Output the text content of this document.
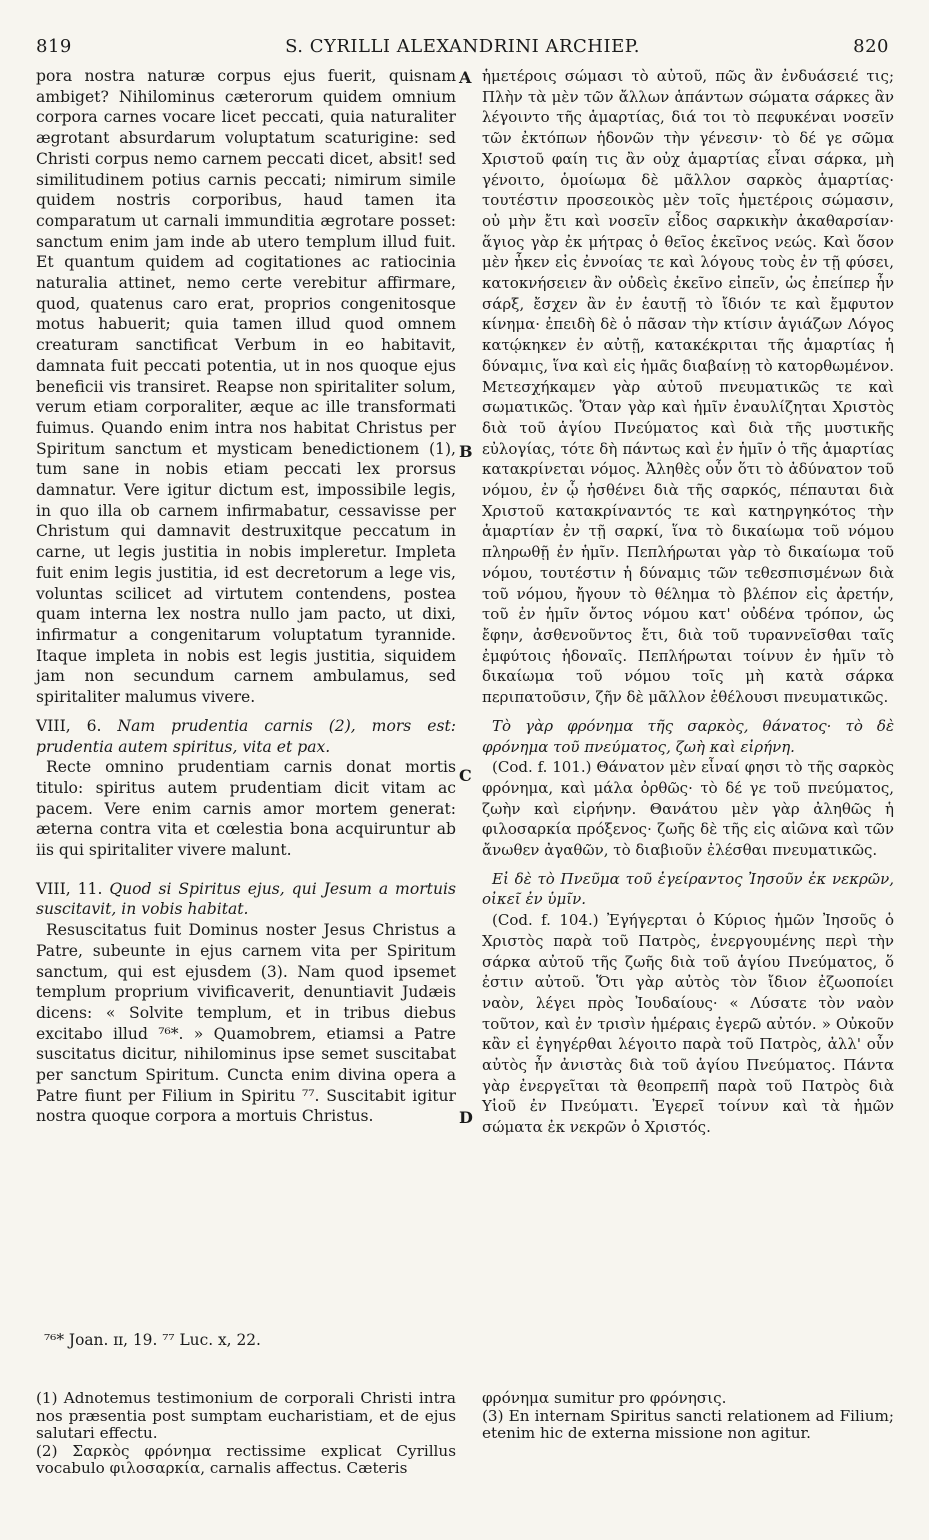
819	S. CYRILLI ALEXANDRINI ARCHIEP.	820

pora nostra naturæ corpus ejus fuerit, quisnam ambiget? Nihilominus cæterorum quidem omnium corpora carnes vocare licet peccati, quia naturaliter ægrotant absurdarum voluptatum scaturigine: sed Christi corpus nemo carnem peccati dicet, absit! sed similitudinem potius carnis peccati; nimirum simile quidem nostris corporibus, haud tamen ita comparatum ut carnali immunditia ægrotare posset: sanctum enim jam inde ab utero templum illud fuit. Et quantum quidem ad cogitationes ac ratiocinia naturalia attinet, nemo certe verebitur affirmare, quod, quatenus caro erat, proprios congenitosque motus habuerit; quia tamen illud quod omnem creaturam sanctificat Verbum in eo habitavit, damnata fuit peccati potentia, ut in nos quoque ejus beneficii vis transiret. Reapse non spiritaliter solum, verum etiam corporaliter, æque ac ille transformati fuimus. Quando enim intra nos habitat Christus per Spiritum sanctum et mysticam benedictionem (1), tum sane in nobis etiam peccati lex prorsus damnatur. Vere igitur dictum est, impossibile legis, in quo illa ob carnem infirmabatur, cessavisse per Christum qui damnavit destruxitque peccatum in carne, ut legis justitia in nobis impleretur. Impleta fuit enim legis justitia, id est decretorum a lege vis, voluntas scilicet ad virtutem contendens, postea quam interna lex nostra nullo jam pacto, ut dixi, infirmatur a congenitarum voluptatum tyrannide. Itaque impleta in nobis est legis justitia, siquidem jam non secundum carnem ambulamus, sed spiritaliter malumus vivere.

VIII, 6. Nam prudentia carnis (2), mors est: prudentia autem spiritus, vita et pax.

Recte omnino prudentiam carnis donat mortis titulo: spiritus autem prudentiam dicit vitam ac pacem. Vere enim carnis amor mortem generat: æterna contra vita et cœlestia bona acquiruntur ab iis qui spiritaliter vivere malunt.

VIII, 11. Quod si Spiritus ejus, qui Jesum a mortuis suscitavit, in vobis habitat.

Resuscitatus fuit Dominus noster Jesus Christus a Patre, subeunte in ejus carnem vita per Spiritum sanctum, qui est ejusdem (3). Nam quod ipsemet templum proprium vivificaverit, denuntiavit Judæis dicens: « Solvite templum, et in tribus diebus excitabo illud ⁷⁶*. » Quamobrem, etiamsi a Patre suscitatus dicitur, nihilominus ipse semet suscitabat per sanctum Spiritum. Cuncta enim divina opera a Patre fiunt per Filium in Spiritu ⁷⁷. Suscitabit igitur nostra quoque corpora a mortuis Christus.

A
B
C
D

ἡμετέροις σώμασι τὸ αὐτοῦ, πῶς ἂν ἐνδυάσειέ τις; Πλὴν τὰ μὲν τῶν ἄλλων ἁπάντων σώματα σάρκες ἂν λέγοιντο τῆς ἁμαρτίας, διά τοι τὸ πεφυκέναι νοσεῖν τῶν ἐκτόπων ἡδονῶν τὴν γένεσιν· τὸ δέ γε σῶμα Χριστοῦ φαίη τις ἂν οὐχ ἁμαρτίας εἶναι σάρκα, μὴ γένοιτο, ὁμοίωμα δὲ μᾶλλον σαρκὸς ἁμαρτίας· τουτέστιν προσεοικὸς μὲν τοῖς ἡμετέροις σώμασιν, οὐ μὴν ἔτι καὶ νοσεῖν εἶδος σαρκικὴν ἀκαθαρσίαν· ἅγιος γὰρ ἐκ μήτρας ὁ θεῖος ἐκεῖνος νεώς. Καὶ ὅσον μὲν ἧκεν εἰς ἐννοίας τε καὶ λόγους τοὺς ἐν τῇ φύσει, κατοκνήσειεν ἂν οὐδεὶς ἐκεῖνο εἰπεῖν, ὡς ἐπείπερ ἦν σάρξ, ἔσχεν ἂν ἐν ἑαυτῇ τὸ ἴδιόν τε καὶ ἔμφυτον κίνημα· ἐπειδὴ δὲ ὁ πᾶσαν τὴν κτίσιν ἁγιάζων Λόγος κατῴκηκεν ἐν αὐτῇ, κατακέκριται τῆς ἁμαρτίας ἡ δύναμις, ἵνα καὶ εἰς ἡμᾶς διαβαίνῃ τὸ κατορθωμένον. Μετεσχήκαμεν γὰρ αὐτοῦ πνευματικῶς τε καὶ σωματικῶς. Ὅταν γὰρ καὶ ἡμῖν ἐναυλίζηται Χριστὸς διὰ τοῦ ἁγίου Πνεύματος καὶ διὰ τῆς μυστικῆς εὐλογίας, τότε δὴ πάντως καὶ ἐν ἡμῖν ὁ τῆς ἁμαρτίας κατακρίνεται νόμος. Ἀληθὲς οὖν ὅτι τὸ ἀδύνατον τοῦ νόμου, ἐν ᾧ ἠσθένει διὰ τῆς σαρκός, πέπαυται διὰ Χριστοῦ κατακρίναντός τε καὶ κατηργηκότος τὴν ἁμαρτίαν ἐν τῇ σαρκί, ἵνα τὸ δικαίωμα τοῦ νόμου πληρωθῇ ἐν ἡμῖν. Πεπλήρωται γὰρ τὸ δικαίωμα τοῦ νόμου, τουτέστιν ἡ δύναμις τῶν τεθεσπισμένων διὰ τοῦ νόμου, ἤγουν τὸ θέλημα τὸ βλέπον εἰς ἀρετήν, τοῦ ἐν ἡμῖν ὄντος νόμου κατ' οὐδένα τρόπον, ὡς ἔφην, ἀσθενοῦντος ἔτι, διὰ τοῦ τυραννεῖσθαι ταῖς ἐμφύτοις ἡδοναῖς. Πεπλήρωται τοίνυν ἐν ἡμῖν τὸ δικαίωμα τοῦ νόμου τοῖς μὴ κατὰ σάρκα περιπατοῦσιν, ζῆν δὲ μᾶλλον ἐθέλουσι πνευματικῶς.

Τὸ γὰρ φρόνημα τῆς σαρκὸς, θάνατος· τὸ δὲ φρόνημα τοῦ πνεύματος, ζωὴ καὶ εἰρήνη.

(Cod. f. 101.) Θάνατον μὲν εἶναί φησι τὸ τῆς σαρκὸς φρόνημα, καὶ μάλα ὀρθῶς· τὸ δέ γε τοῦ πνεύματος, ζωὴν καὶ εἰρήνην. Θανάτου μὲν γὰρ ἀληθῶς ἡ φιλοσαρκία πρόξενος· ζωῆς δὲ τῆς εἰς αἰῶνα καὶ τῶν ἄνωθεν ἀγαθῶν, τὸ διαβιοῦν ἐλέσθαι πνευματικῶς.

Εἰ δὲ τὸ Πνεῦμα τοῦ ἐγείραντος Ἰησοῦν ἐκ νεκρῶν, οἰκεῖ ἐν ὑμῖν.

(Cod. f. 104.) Ἐγήγερται ὁ Κύριος ἡμῶν Ἰησοῦς ὁ Χριστὸς παρὰ τοῦ Πατρὸς, ἐνεργουμένης περὶ τὴν σάρκα αὐτοῦ τῆς ζωῆς διὰ τοῦ ἁγίου Πνεύματος, ὅ ἐστιν αὐτοῦ. Ὅτι γὰρ αὐτὸς τὸν ἴδιον ἐζωοποίει ναὸν, λέγει πρὸς Ἰουδαίους· « Λύσατε τὸν ναὸν τοῦτον, καὶ ἐν τρισὶν ἡμέραις ἐγερῶ αὐτόν. » Οὐκοῦν κἂν εἰ ἐγηγέρθαι λέγοιτο παρὰ τοῦ Πατρὸς, ἀλλ' οὖν αὐτὸς ἦν ἀνιστὰς διὰ τοῦ ἁγίου Πνεύματος. Πάντα γὰρ ἐνεργεῖται τὰ θεοπρεπῆ παρὰ τοῦ Πατρὸς διὰ Υἱοῦ ἐν Πνεύματι. Ἐγερεῖ τοίνυν καὶ τὰ ἡμῶν σώματα ἐκ νεκρῶν ὁ Χριστός.

⁷⁶* Joan. ɪɪ, 19. ⁷⁷ Luc. x, 22.

(1) Adnotemus testimonium de corporali Christi intra nos præsentia post sumptam eucharistiam, et de ejus salutari effectu.

(2) Σαρκὸς φρόνημα rectissime explicat Cyrillus vocabulo φιλοσαρκία, carnalis affectus. Cæteris

φρόνημα sumitur pro φρόνησις.

(3) En internam Spiritus sancti relationem ad Filium; etenim hic de externa missione non agitur.
